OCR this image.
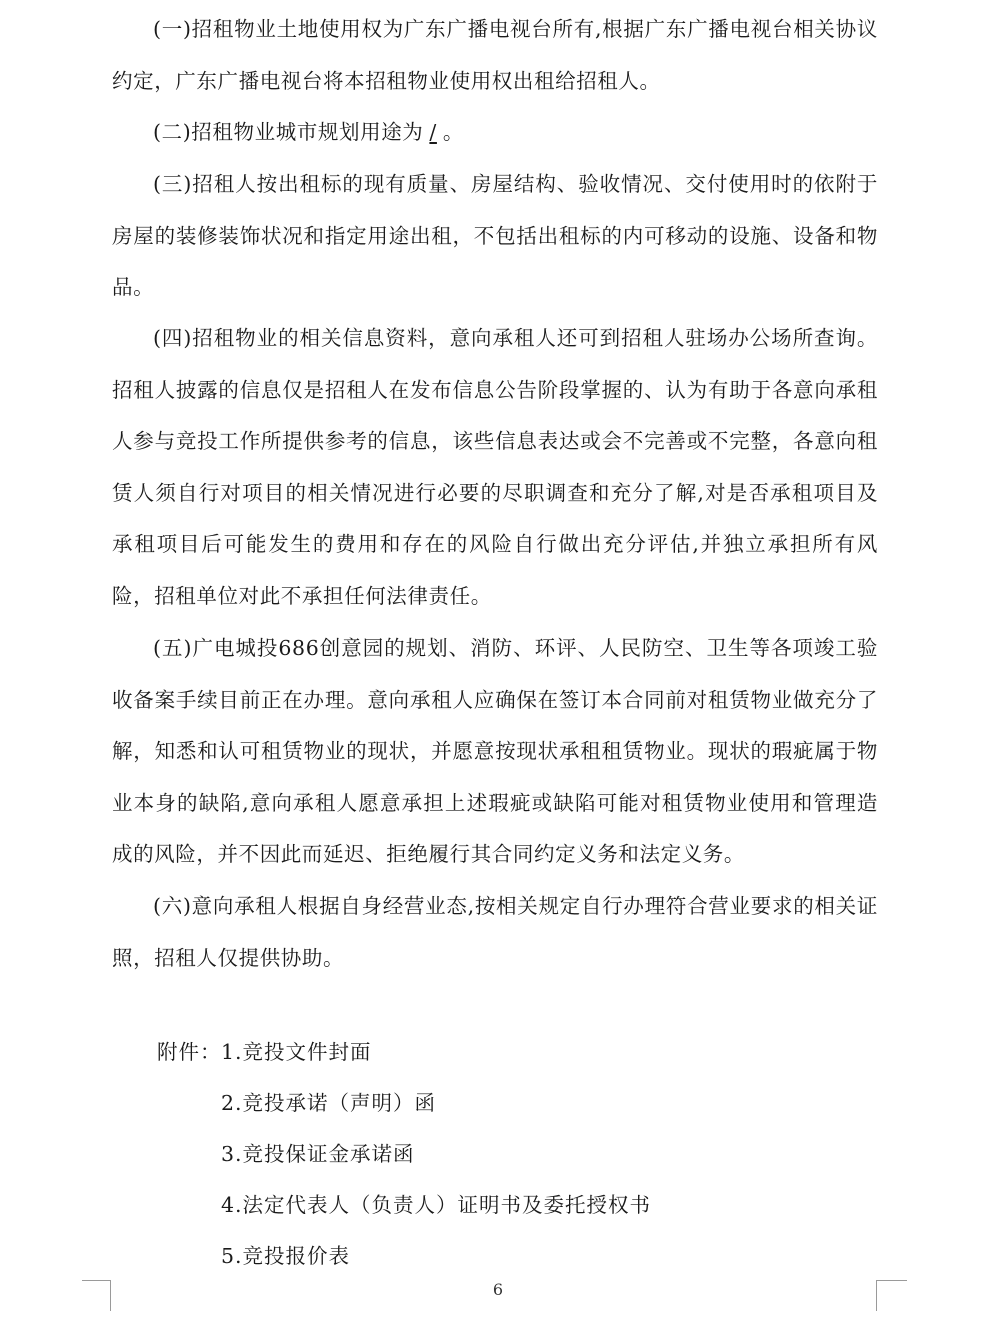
(一)招租物业土地使用权为广东广播电视台所有,根据广东广播电视台相关协议约定，广东广播电视台将本招租物业使用权出租给招租人。

(二)招租物业城市规划用途为 / 。

(三)招租人按出租标的现有质量、房屋结构、验收情况、交付使用时的依附于房屋的装修装饰状况和指定用途出租，不包括出租标的内可移动的设施、设备和物品。

(四)招租物业的相关信息资料，意向承租人还可到招租人驻场办公场所查询。招租人披露的信息仅是招租人在发布信息公告阶段掌握的、认为有助于各意向承租人参与竞投工作所提供参考的信息，该些信息表达或会不完善或不完整，各意向租赁人须自行对项目的相关情况进行必要的尽职调查和充分了解,对是否承租项目及承租项目后可能发生的费用和存在的风险自行做出充分评估,并独立承担所有风险，招租单位对此不承担任何法律责任。

(五)广电城投686创意园的规划、消防、环评、人民防空、卫生等各项竣工验收备案手续目前正在办理。意向承租人应确保在签订本合同前对租赁物业做充分了解，知悉和认可租赁物业的现状，并愿意按现状承租租赁物业。现状的瑕疵属于物业本身的缺陷,意向承租人愿意承担上述瑕疵或缺陷可能对租赁物业使用和管理造成的风险，并不因此而延迟、拒绝履行其合同约定义务和法定义务。

(六)意向承租人根据自身经营业态,按相关规定自行办理符合营业要求的相关证照，招租人仅提供协助。

附件： 1.竞投文件封面
2.竞投承诺（声明）函
3.竞投保证金承诺函
4.法定代表人（负责人）证明书及委托授权书
5.竞投报价表
6
